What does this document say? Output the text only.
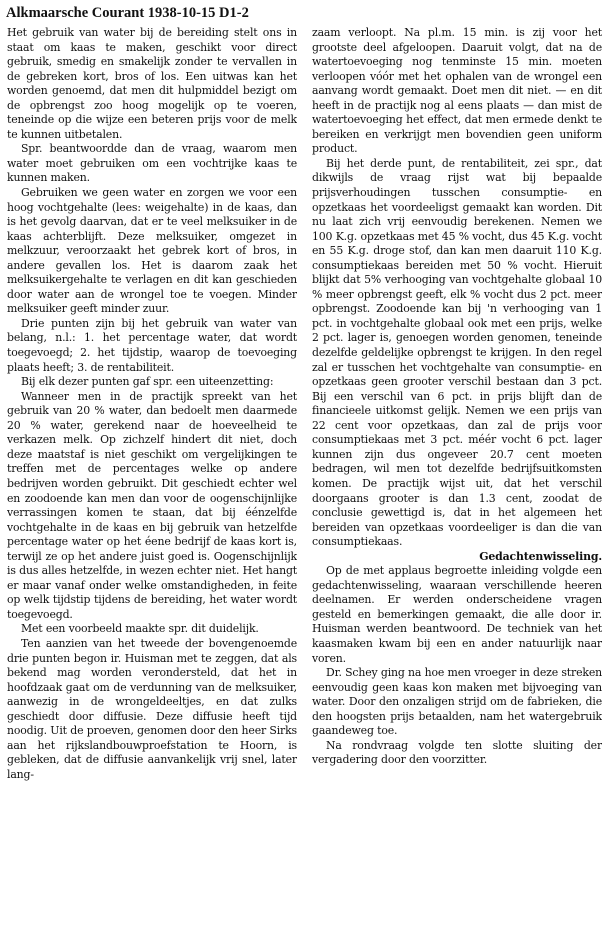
Alkmaarsche Courant 1938-10-15 D1-2

Het gebruik van water bij de bereiding stelt ons in staat om kaas te maken, geschikt voor direct gebruik, smedig en smakelijk zonder te vervallen in de gebreken kort, bros of los. Een uitwas kan het worden genoemd, dat men dit hulpmiddel bezigt om de opbrengst zoo hoog mogelijk op te voeren, teneinde op die wijze een beteren prijs voor de melk te kunnen uitbetalen.

Spr. beantwoordde dan de vraag, waarom men water moet gebruiken om een vochtrijke kaas te kunnen maken.

Gebruiken we geen water en zorgen we voor een hoog vochtgehalte (lees: weigehalte) in de kaas, dan is het gevolg daarvan, dat er te veel melksuiker in de kaas achterblijft. Deze melksuiker, omgezet in melkzuur, veroorzaakt het gebrek kort of bros, in andere gevallen los. Het is daarom zaak het melksuikergehalte te verlagen en dit kan geschieden door water aan de wrongel toe te voegen. Minder melksuiker geeft minder zuur.

Drie punten zijn bij het gebruik van water van belang, n.l.: 1. het percentage water, dat wordt toegevoegd; 2. het tijdstip, waarop de toevoeging plaats heeft; 3. de rentabiliteit.

Bij elk dezer punten gaf spr. een uiteenzetting:

Wanneer men in de practijk spreekt van het gebruik van 20 % water, dan bedoelt men daarmede 20 % water, gerekend naar de hoeveelheid te verkazen melk. Op zichzelf hindert dit niet, doch deze maatstaf is niet geschikt om vergelijkingen te treffen met de percentages welke op andere bedrijven worden gebruikt. Dit geschiedt echter wel en zoodoende kan men dan voor de oogenschijnlijke verrassingen komen te staan, dat bij éénzelfde vochtgehalte in de kaas en bij gebruik van hetzelfde percentage water op het éene bedrijf de kaas kort is, terwijl ze op het andere juist goed is. Oogenschijnlijk is dus alles hetzelfde, in wezen echter niet. Het hangt er maar vanaf onder welke omstandigheden, in feite op welk tijdstip tijdens de bereiding, het water wordt toegevoegd.

Met een voorbeeld maakte spr. dit duidelijk.

Ten aanzien van het tweede der bovengenoemde drie punten begon ir. Huisman met te zeggen, dat als bekend mag worden verondersteld, dat het in hoofdzaak gaat om de verdunning van de melksuiker, aanwezig in de wrongeldeeltjes, en dat zulks geschiedt door diffusie. Deze diffusie heeft tijd noodig. Uit de proeven, genomen door den heer Sirks aan het rijkslandbouwproefstation te Hoorn, is gebleken, dat de diffusie aanvankelijk vrij snel, later lang-

zaam verloopt. Na pl.m. 15 min. is zij voor het grootste deel afgeloopen. Daaruit volgt, dat na de watertoevoeging nog tenminste 15 min. moeten verloopen vóór met het ophalen van de wrongel een aanvang wordt gemaakt. Doet men dit niet. — en dit heeft in de practijk nog al eens plaats — dan mist de watertoevoeging het effect, dat men ermede denkt te bereiken en verkrijgt men bovendien geen uniform product.

Bij het derde punt, de rentabiliteit, zei spr., dat dikwijls de vraag rijst wat bij bepaalde prijsverhoudingen tusschen consumptie- en opzetkaas het voordeeligst gemaakt kan worden. Dit nu laat zich vrij eenvoudig berekenen. Nemen we 100 K.g. opzetkaas met 45 % vocht, dus 45 K.g. vocht en 55 K.g. droge stof, dan kan men daaruit 110 K.g. consumptiekaas bereiden met 50 % vocht. Hieruit blijkt dat 5% verhooging van vochtgehalte globaal 10 % meer opbrengst geeft, elk % vocht dus 2 pct. meer opbrengst. Zoodoende kan bij 'n verhooging van 1 pct. in vochtgehalte globaal ook met een prijs, welke 2 pct. lager is, genoegen worden genomen, teneinde dezelfde geldelijke opbrengst te krijgen. In den regel zal er tusschen het vochtgehalte van consumptie- en opzetkaas geen grooter verschil bestaan dan 3 pct. Bij een verschil van 6 pct. in prijs blijft dan de financieele uitkomst gelijk. Nemen we een prijs van 22 cent voor opzetkaas, dan zal de prijs voor consumptiekaas met 3 pct. méér vocht 6 pct. lager kunnen zijn dus ongeveer 20.7 cent moeten bedragen, wil men tot dezelfde bedrijfsuitkomsten komen. De practijk wijst uit, dat het verschil doorgaans grooter is dan 1.3 cent, zoodat de conclusie gewettigd is, dat in het algemeen het bereiden van opzetkaas voordeeliger is dan die van consumptiekaas.

Gedachtenwisseling.

Op de met applaus begroette inleiding volgde een gedachtenwisseling, waaraan verschillende heeren deelnamen. Er werden onderscheidene vragen gesteld en bemerkingen gemaakt, die alle door ir. Huisman werden beantwoord. De techniek van het kaasmaken kwam bij een en ander natuurlijk naar voren.

Dr. Schey ging na hoe men vroeger in deze streken eenvoudig geen kaas kon maken met bijvoeging van water. Door den onzaligen strijd om de fabrieken, die den hoogsten prijs betaalden, nam het watergebruik gaandeweg toe.

Na rondvraag volgde ten slotte sluiting der vergadering door den voorzitter.
